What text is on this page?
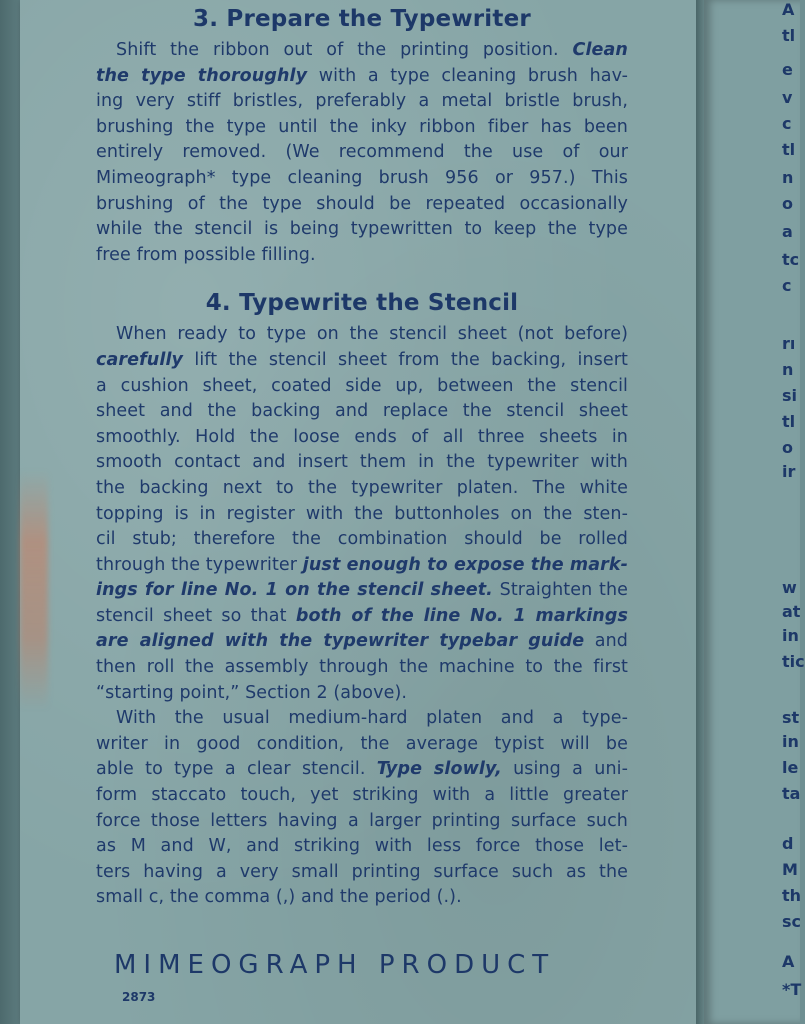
3. Prepare the Typewriter
Shift the ribbon out of the printing position. Clean
the type thoroughly with a type cleaning brush hav-
ing very stiff bristles, preferably a metal bristle brush,
brushing the type until the inky ribbon fiber has been
entirely removed. (We recommend the use of our
Mimeograph* type cleaning brush 956 or 957.) This
brushing of the type should be repeated occasionally
while the stencil is being typewritten to keep the type
free from possible filling.
4. Typewrite the Stencil
When ready to type on the stencil sheet (not before)
carefully lift the stencil sheet from the backing, insert
a cushion sheet, coated side up, between the stencil
sheet and the backing and replace the stencil sheet
smoothly. Hold the loose ends of all three sheets in
smooth contact and insert them in the typewriter with
the backing next to the typewriter platen. The white
topping is in register with the buttonholes on the sten-
cil stub; therefore the combination should be rolled
through the typewriter just enough to expose the mark-
ings for line No. 1 on the stencil sheet. Straighten the
stencil sheet so that both of the line No. 1 markings
are aligned with the typewriter typebar guide and
then roll the assembly through the machine to the first
“starting point,” Section 2 (above).
With the usual medium-hard platen and a type-
writer in good condition, the average typist will be
able to type a clear stencil. Type slowly, using a uni-
form staccato touch, yet striking with a little greater
force those letters having a larger printing surface such
as M and W, and striking with less force those let-
ters having a very small printing surface such as the
small c, the comma (,) and the period (.).
MIMEOGRAPH PRODUCT
2873
A
tl
e
v
c
tl
n
o
a
tc
c
rı
n
si
tl
o
ir
w
at
in
tic
st
in
le
ta
d
M
th
sc
A
*T
